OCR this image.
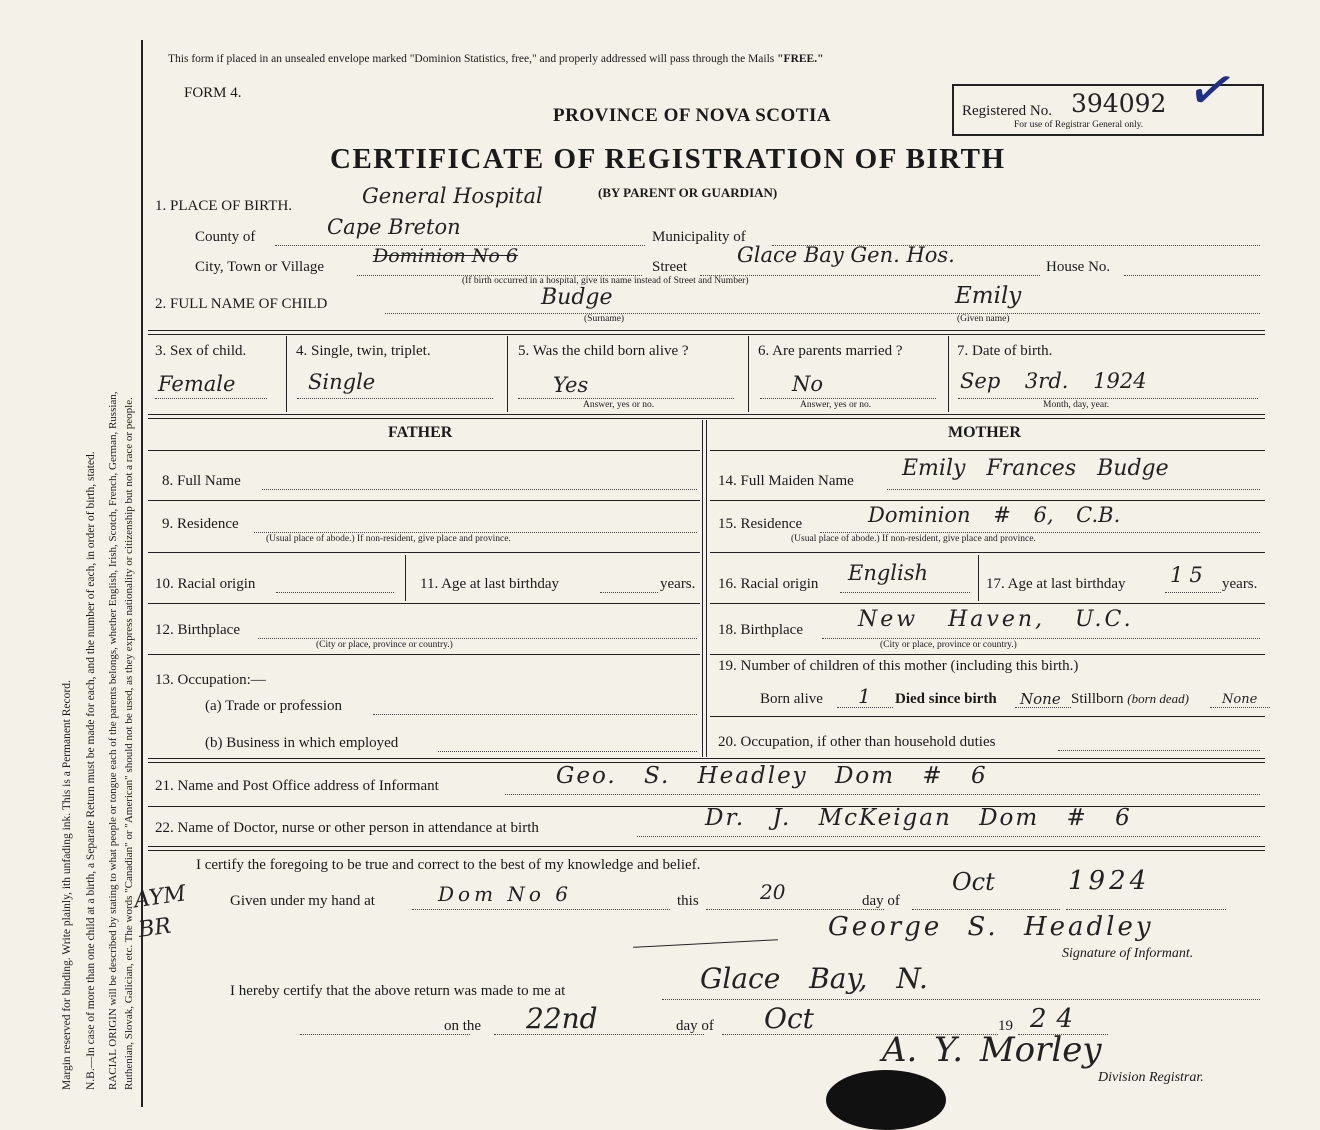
Margin reserved for binding. Write plainly, ith unfading ink. This is a Permanent Record. N.B.—In case of more than one child at a birth, a Separate Return must be made for each, and the number of each, in order of birth, stated. RACIAL ORIGIN will be described by stating to what people or tongue each of the parents belongs, whether English, Irish, Scotch, French, German, Russian, Ruthenian, Slovak, Galician, etc. The words "Canadian" or "American" should not be used, as they express nationality or citizenship but not a race or people.
This form if placed in an unsealed envelope marked "Dominion Statistics, free," and properly addressed will pass through the Mails "FREE."
FORM 4.
PROVINCE OF NOVA SCOTIA
CERTIFICATE OF REGISTRATION OF BIRTH
Registered No. 394092
For use of Registrar General only. ✓
1. PLACE OF BIRTH.	General Hospital	(BY PARENT OR GUARDIAN)
County of	Cape Breton	Municipality of
City, Town or Village	Dominion No 6	Street Glace Bay Gen. Hos.	House No.
(If birth occurred in a hospital, give its name instead of Street and Number)
2. FULL NAME OF CHILD	Budge
(Surname)
Emily
(Given name)
3. Sex of child.
Female
4. Single, twin, triplet.
Single
5. Was the child born alive ?
Yes
Answer, yes or no.
6. Are parents married ?
No
Answer, yes or no.
7. Date of birth.
Sep 3rd. 1924
Month, day, year.
FATHER	MOTHER
8. Full Name
9. Residence
(Usual place of abode.) If non-resident, give place and province.
10. Racial origin	11. Age at last birthday	years.
12. Birthplace
(City or place, province or country.)
13. Occupation:—
(a) Trade or profession
(b) Business in which employed
14. Full Maiden Name Emily Frances Budge
15. Residence	Dominion # 6, C.B.
(Usual place of abode.) If non-resident, give place and province.
16. Racial origin English	17. Age at last birthday 15 years.
18. Birthplace	New Haven, U.C.
(City or place, province or country.)
19. Number of children of this mother (including this birth.)
Born alive 1 Died since birth None Stillborn (born dead)	None
20. Occupation, if other than household duties
21. Name and Post Office address of Informant	Geo. S. Headley Dom # 6
22. Name of Doctor, nurse or other person in attendance at birth	Dr. J. McKeigan Dom # 6
I certify the foregoing to be true and correct to the best of my knowledge and belief.
AYM BR
Given under my hand at	Dom No 6	this	20	day of
Oct	1924
George S. Headley
Signature of Informant.
I hereby certify that the above return was made to me at	Glace Bay, N.
on the 22nd	day of Oct	19 24
A. Y. Morley
Division Registrar.
